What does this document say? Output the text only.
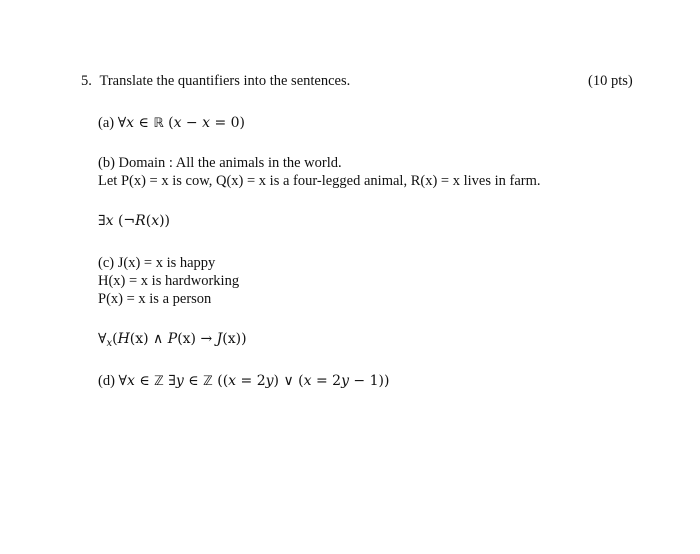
5. Translate the quantifiers into the sentences.	(10 pts)
(a) ∀x ∈ ℝ (x − x = 0)
(b) Domain : All the animals in the world.
Let P(x) = x is cow, Q(x) = x is a four-legged animal, R(x) = x lives in farm.
∃x (¬R(x))
(c) J(x) = x is happy
H(x) = x is hardworking
P(x) = x is a person
$\forall_x(H(x)$ ∧ P(x) → J(x))
(d) ∀x ∈ ℤ ∃y ∈ ℤ ((x = 2y) ∨ (x = 2y − 1))
